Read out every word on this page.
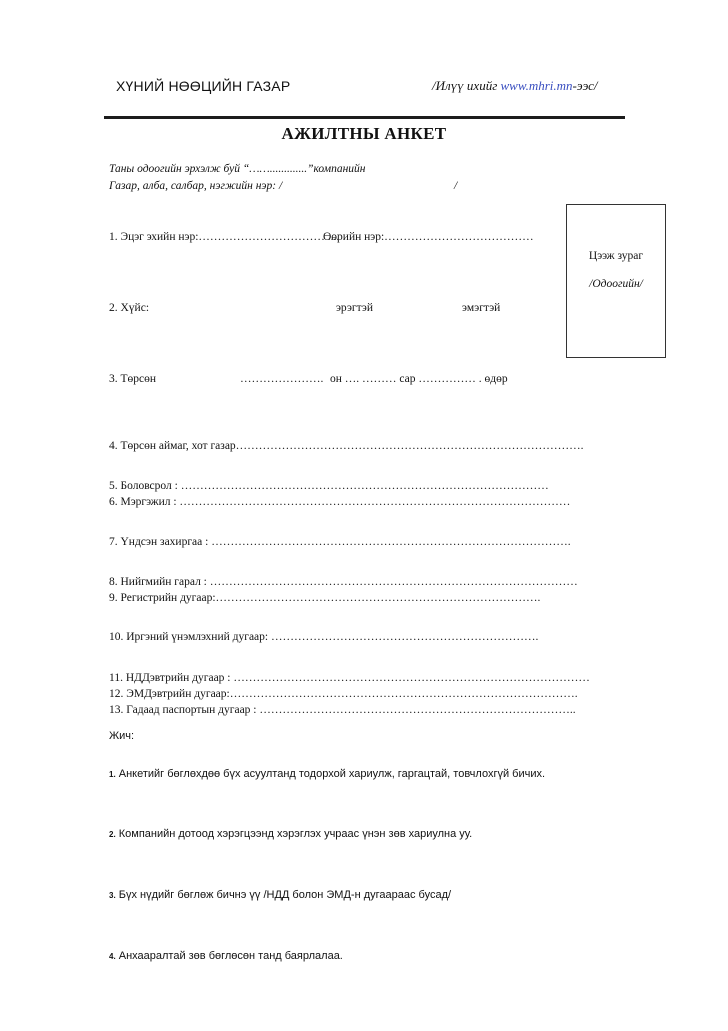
ХҮНИЙ НӨӨЦИЙН ГАЗАР	/Илүү ихийг www.mhri.mn-ээс/
АЖИЛТНЫ АНКЕТ
Таны одоогийн эрхэлж буй “…….............”компанийн
Газар, алба, салбар, нэгжийн нэр: /	/
Цээж зураг
/Одоогийн/
1. Эцэг эхийн нэр:…………………………… ....
Өөрийн нэр:…………………………………
2. Хүйс:	эрэгтэй	эмэгтэй
3. Төрсөн	…………………. он …. ……… сар …………… . өдөр
4. Төрсөн аймаг, хот газар……………………………………………………………………………….
5. Боловсрол : ……………………………………………………………………………………
6. Мэргэжил : …………………………………………………………………………………………
7. Үндсэн захиргаа : ………………………………………………………………………………….
8. Нийгмийн гарал : ……………………………………………………………………………………
9. Регистрийн дугаар:………………………………………………………………………….
10. Иргэний үнэмлэхний дугаар: …………………………………………………………….
11. НДДэвтрийн дугаар : …………………………………………………………………………………
12. ЭМДэвтрийн дугаар:……………………………………………………………………………….
13. Гадаад паспортын дугаар : ………………………………………………………………………..
Жич:
1. Анкетийг бөглөхдөө бүх асуултанд тодорхой хариулж, гаргацтай, товчлохгүй бичих.
2. Компанийн дотоод хэрэгцээнд хэрэглэх учраас үнэн зөв хариулна уу.
3. Бүх нүдийг бөглөж бичнэ үү /НДД болон ЭМД-н дугаараас бусад/
4. Анхааралтай зөв бөглөсөн танд баярлалаа.
